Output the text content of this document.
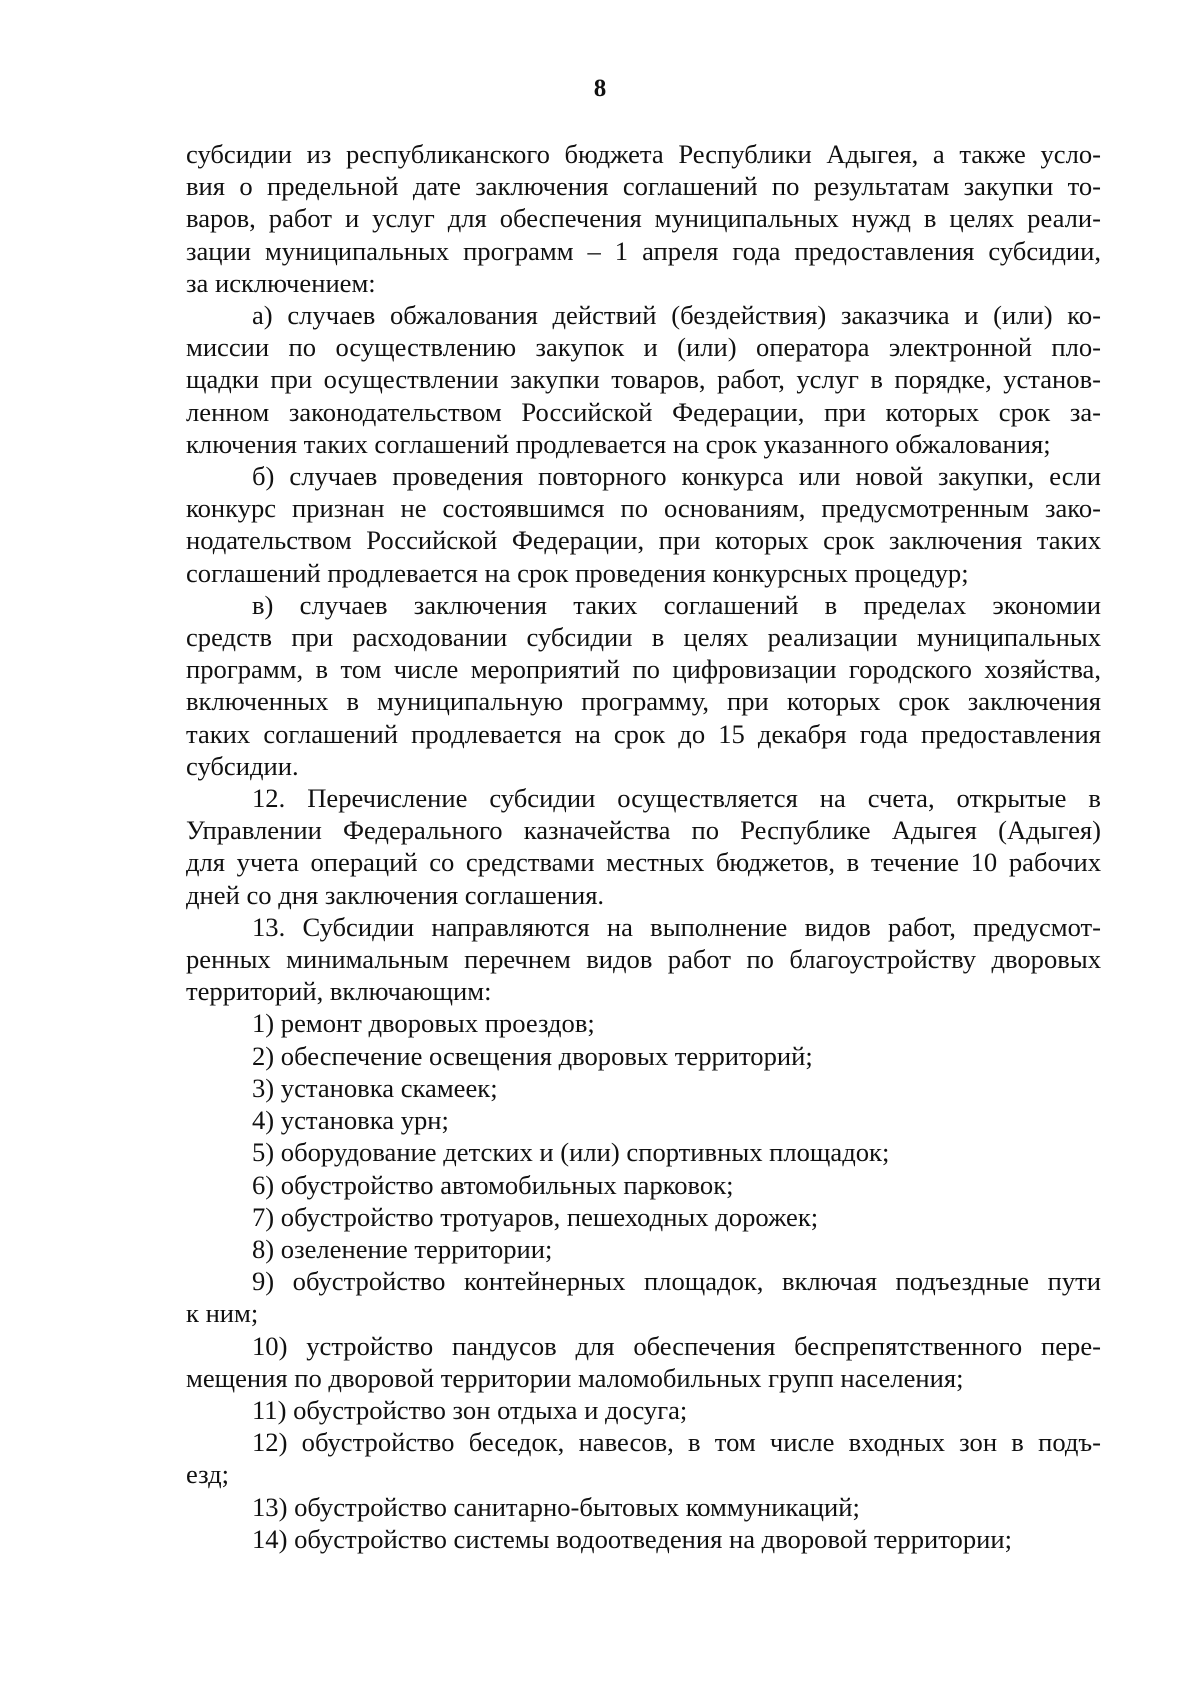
8

субсидии из республиканского бюджета Республики Адыгея, а также усло-
вия о предельной дате заключения соглашений по результатам закупки то-
варов, работ и услуг для обеспечения муниципальных нужд в целях реали-
зации муниципальных программ – 1 апреля года предоставления субсидии,
за исключением:

а) случаев обжалования действий (бездействия) заказчика и (или) ко-
миссии по осуществлению закупок и (или) оператора электронной пло-
щадки при осуществлении закупки товаров, работ, услуг в порядке, установ-
ленном законодательством Российской Федерации, при которых срок за-
ключения таких соглашений продлевается на срок указанного обжалования;

б) случаев проведения повторного конкурса или новой закупки, если
конкурс признан не состоявшимся по основаниям, предусмотренным зако-
нодательством Российской Федерации, при которых срок заключения таких
соглашений продлевается на срок проведения конкурсных процедур;

в) случаев заключения таких соглашений в пределах экономии
средств при расходовании субсидии в целях реализации муниципальных
программ, в том числе мероприятий по цифровизации городского хозяйства,
включенных в муниципальную программу, при которых срок заключения
таких соглашений продлевается на срок до 15 декабря года предоставления
субсидии.

12. Перечисление субсидии осуществляется на счета, открытые в
Управлении Федерального казначейства по Республике Адыгея (Адыгея)
для учета операций со средствами местных бюджетов, в течение 10 рабочих
дней со дня заключения соглашения.

13. Субсидии направляются на выполнение видов работ, предусмот-
ренных минимальным перечнем видов работ по благоустройству дворовых
территорий, включающим:

1) ремонт дворовых проездов;

2) обеспечение освещения дворовых территорий;

3) установка скамеек;

4) установка урн;

5) оборудование детских и (или) спортивных площадок;

6) обустройство автомобильных парковок;

7) обустройство тротуаров, пешеходных дорожек;

8) озеленение территории;

9) обустройство контейнерных площадок, включая подъездные пути
к ним;

10) устройство пандусов для обеспечения беспрепятственного пере-
мещения по дворовой территории маломобильных групп населения;

11) обустройство зон отдыха и досуга;

12) обустройство беседок, навесов, в том числе входных зон в подъ-
езд;

13) обустройство санитарно-бытовых коммуникаций;

14) обустройство системы водоотведения на дворовой территории;
